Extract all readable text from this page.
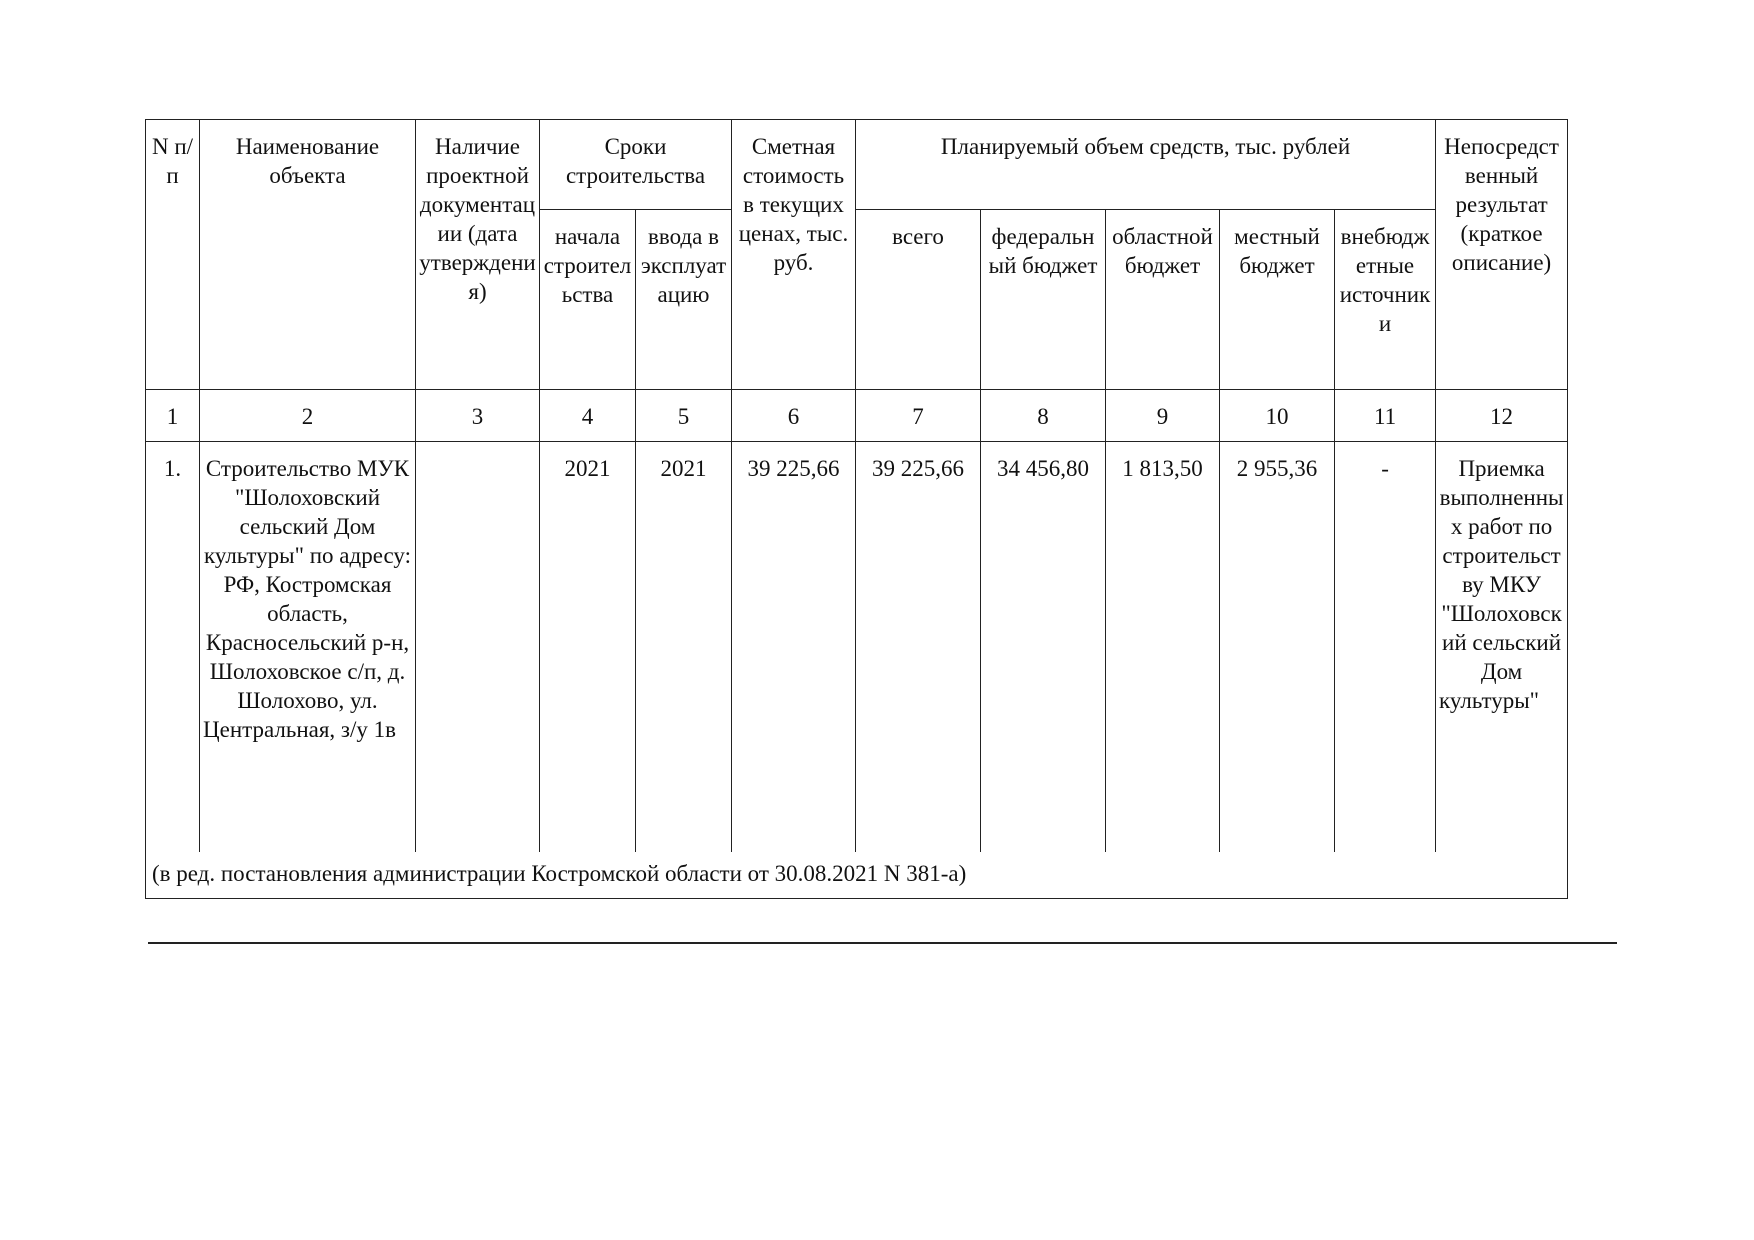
N п/п	Наименование объекта	Наличие проектной документации (дата утверждения)	Сроки строительства		Сметная стоимость в текущих ценах, тыс. руб.	Планируемый объем средств, тыс. рублей					Непосредственный результат (краткое описание)
			начала строительства	ввода в эксплуатацию		всего	федеральный бюджет	областной бюджет	местный бюджет	внебюджетные источники	
1	2	3	4	5	6	7	8	9	10	11	12
1.	Строительство МУК "Шолоховский сельский Дом культуры" по адресу: РФ, Костромская область, Красносельский р-н, Шолоховское с/п, д. Шолохово, ул. Центральная, з/у 1в		2021	2021	39 225,66	39 225,66	34 456,80	1 813,50	2 955,36	-	Приемка выполненных работ по строительству МКУ "Шолоховский сельский Дом культуры"
(в ред. постановления администрации Костромской области от 30.08.2021 N 381-а)											
